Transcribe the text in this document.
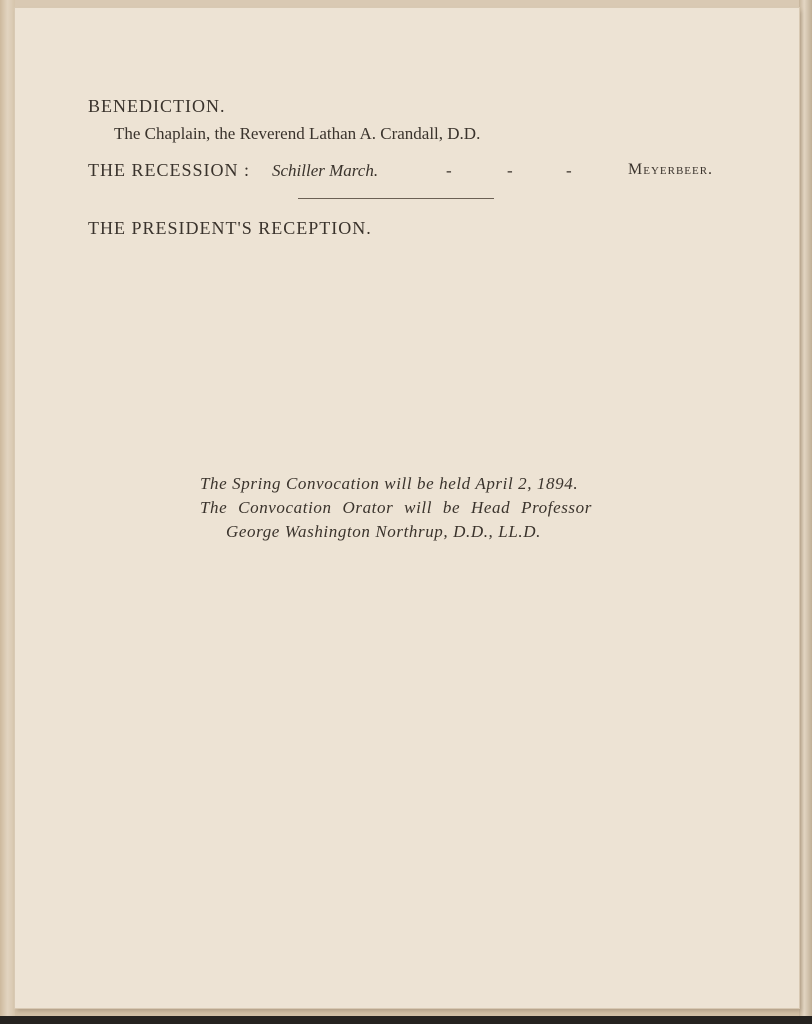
BENEDICTION.
The Chaplain, the Reverend Lathan A. Crandall, D.D.
THE RECESSION : Schiller March.	-	-	-	Meyerbeer.
THE PRESIDENT'S RECEPTION.
The Spring Convocation will be held April 2, 1894.
The Convocation Orator will be Head Professor
George Washington Northrup, D.D., LL.D.
